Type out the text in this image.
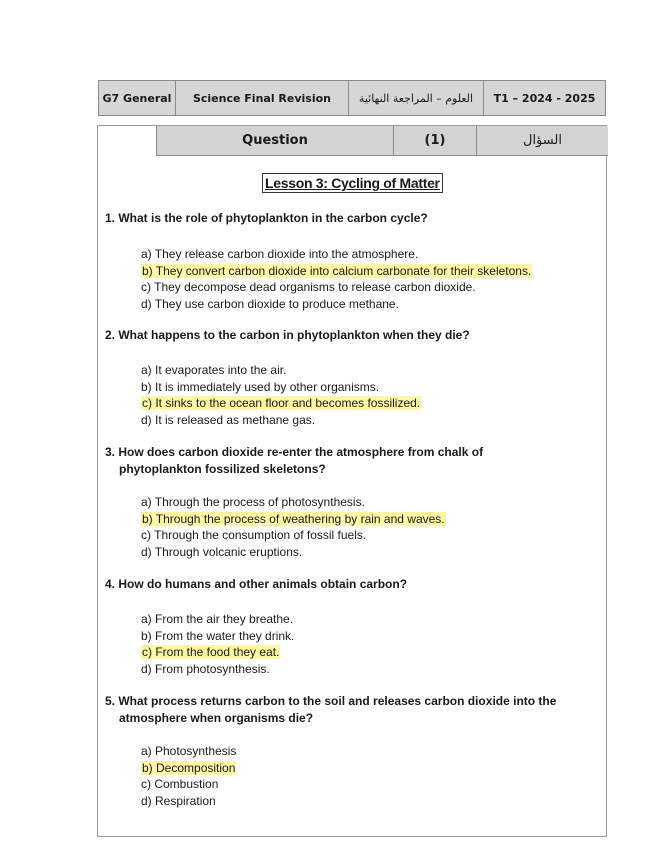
G7 General	Science Final Revision	العلوم – المراجعة النهائية	T1 – 2024 - 2025
Question	(1)	السؤال
Lesson 3: Cycling of Matter
1. What is the role of phytoplankton in the carbon cycle?
a) They release carbon dioxide into the atmosphere.
b) They convert carbon dioxide into calcium carbonate for their skeletons.
c) They decompose dead organisms to release carbon dioxide.
d) They use carbon dioxide to produce methane.
2. What happens to the carbon in phytoplankton when they die?
a) It evaporates into the air.
b) It is immediately used by other organisms.
c) It sinks to the ocean floor and becomes fossilized.
d) It is released as methane gas.
3. How does carbon dioxide re-enter the atmosphere from chalk of
phytoplankton fossilized skeletons?
a) Through the process of photosynthesis.
b) Through the process of weathering by rain and waves.
c) Through the consumption of fossil fuels.
d) Through volcanic eruptions.
4. How do humans and other animals obtain carbon?
a) From the air they breathe.
b) From the water they drink.
c) From the food they eat.
d) From photosynthesis.
5. What process returns carbon to the soil and releases carbon dioxide into the
atmosphere when organisms die?
a) Photosynthesis
b) Decomposition
c) Combustion
d) Respiration
